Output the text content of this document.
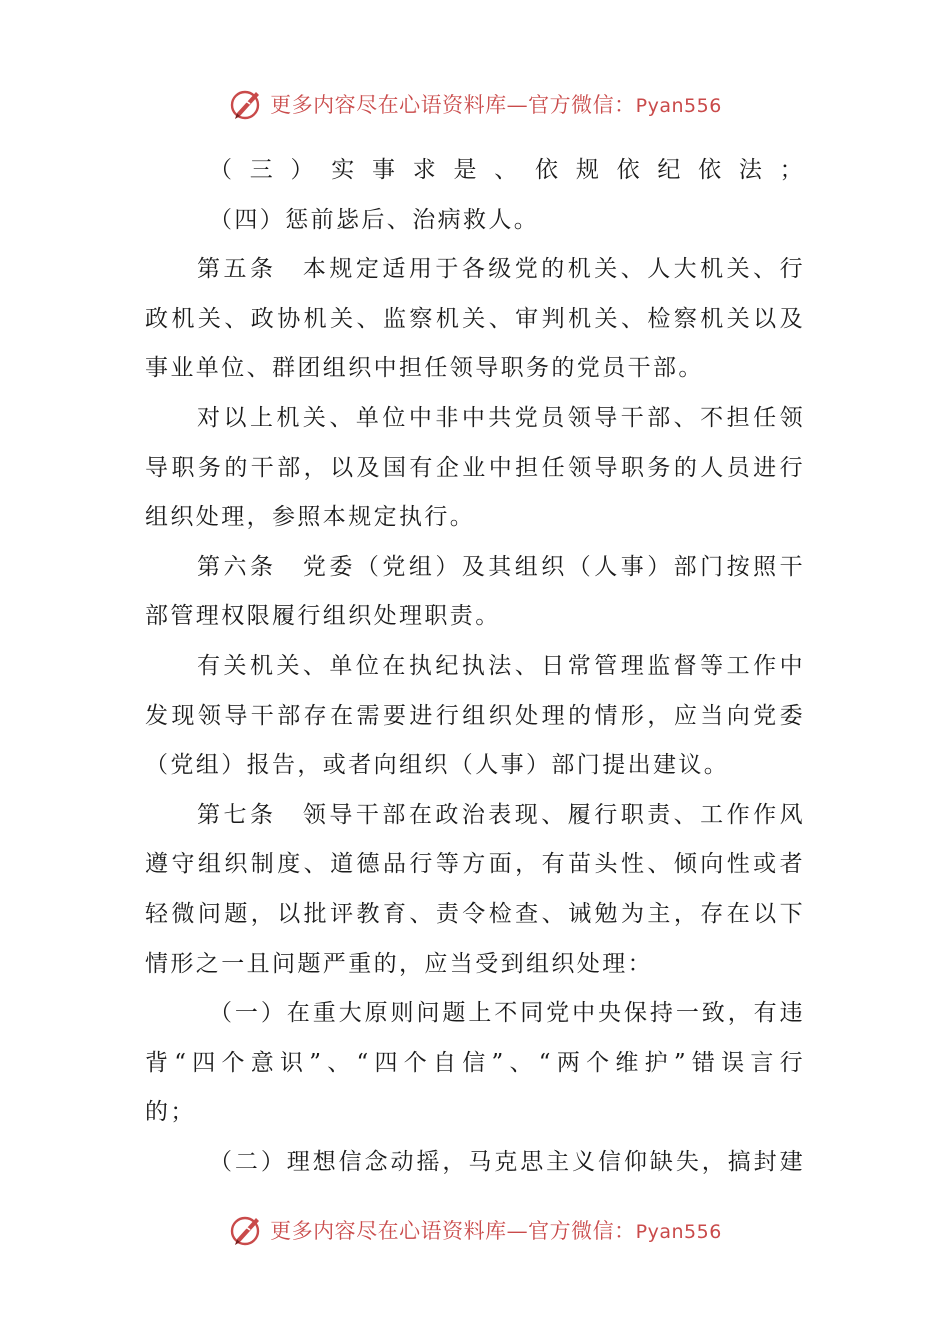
更多内容尽在心语资料库—官方微信：Pyan556
（三）实事求是、依规依纪依法；
（四）惩前毖后、治病救人。
第五条　本规定适用于各级党的机关、人大机关、行
政机关、政协机关、监察机关、审判机关、检察机关以及
事业单位、群团组织中担任领导职务的党员干部。
对以上机关、单位中非中共党员领导干部、不担任领
导职务的干部，以及国有企业中担任领导职务的人员进行
组织处理，参照本规定执行。
第六条　党委（党组）及其组织（人事）部门按照干
部管理权限履行组织处理职责。
有关机关、单位在执纪执法、日常管理监督等工作中
发现领导干部存在需要进行组织处理的情形，应当向党委
（党组）报告，或者向组织（人事）部门提出建议。
第七条　领导干部在政治表现、履行职责、工作作风
遵守组织制度、道德品行等方面，有苗头性、倾向性或者
轻微问题，以批评教育、责令检查、诫勉为主，存在以下
情形之一且问题严重的，应当受到组织处理：
（一）在重大原则问题上不同党中央保持一致，有违
背“四个意识”、“四个自信”、“两个维护”错误言行
的；
（二）理想信念动摇，马克思主义信仰缺失，搞封建
更多内容尽在心语资料库—官方微信：Pyan556
